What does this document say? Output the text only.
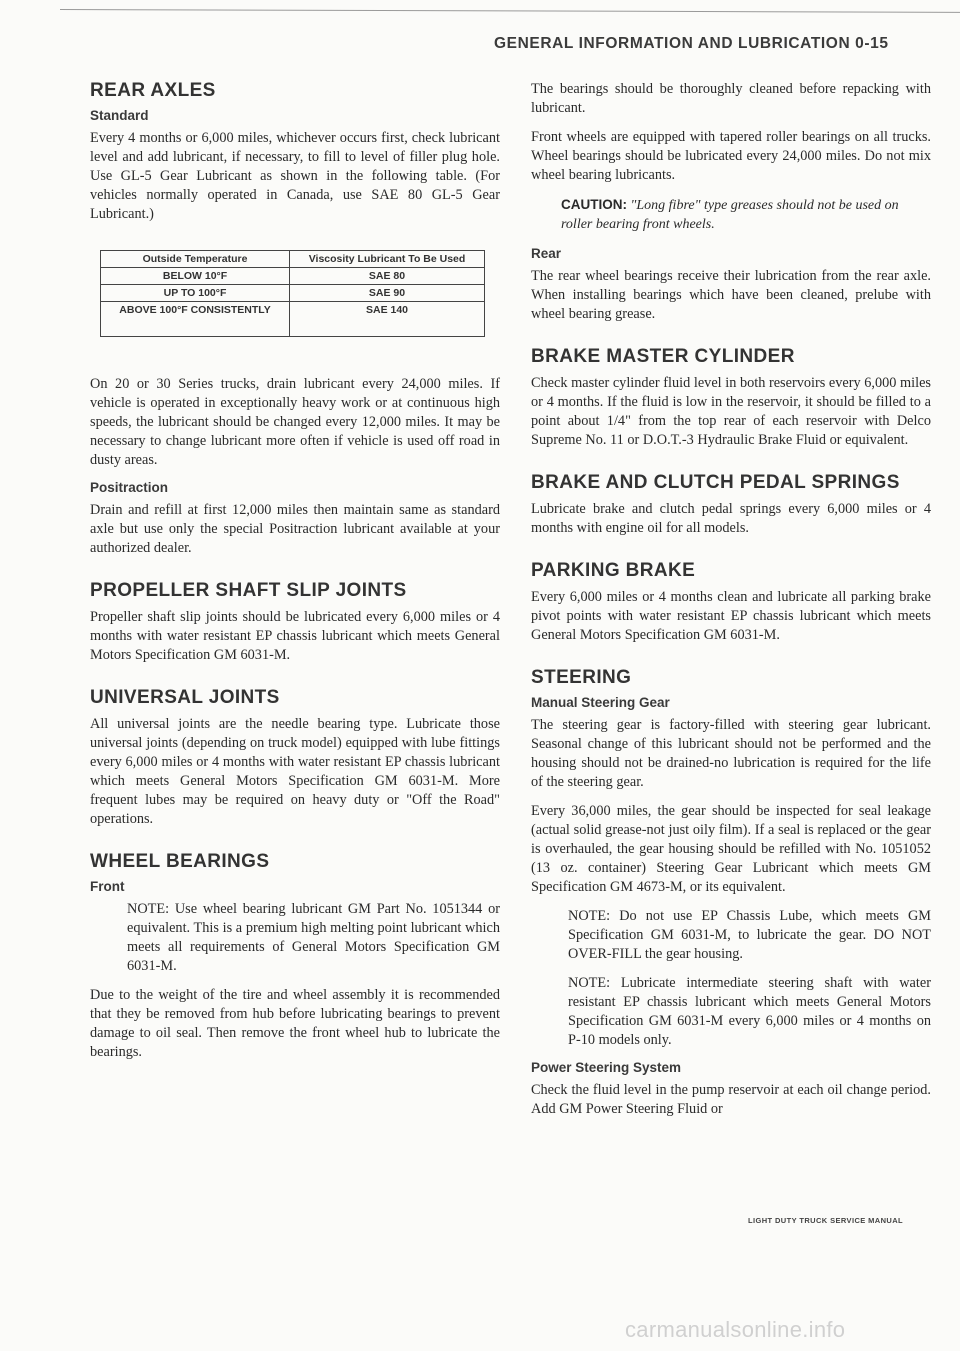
GENERAL INFORMATION AND LUBRICATION 0-15
REAR AXLES
Standard

Every 4 months or 6,000 miles, whichever occurs first, check lubricant level and add lubricant, if necessary, to fill to level of filler plug hole. Use GL-5 Gear Lubricant as shown in the following table. (For vehicles normally operated in Canada, use SAE 80 GL-5 Gear Lubricant.)

Outside Temperature	Viscosity Lubricant To Be Used
BELOW 10°F	SAE 80
UP TO 100°F	SAE 90
ABOVE 100°F CONSISTENTLY	SAE 140

On 20 or 30 Series trucks, drain lubricant every 24,000 miles. If vehicle is operated in exceptionally heavy work or at continuous high speeds, the lubricant should be changed every 12,000 miles. It may be necessary to change lubricant more often if vehicle is used off road in dusty areas.

Positraction

Drain and refill at first 12,000 miles then maintain same as standard axle but use only the special Positraction lubricant available at your authorized dealer.

PROPELLER SHAFT SLIP JOINTS

Propeller shaft slip joints should be lubricated every 6,000 miles or 4 months with water resistant EP chassis lubricant which meets General Motors Specification GM 6031-M.

UNIVERSAL JOINTS

All universal joints are the needle bearing type. Lubricate those universal joints (depending on truck model) equipped with lube fittings every 6,000 miles or 4 months with water resistant EP chassis lubricant which meets General Motors Specification GM 6031-M. More frequent lubes may be required on heavy duty or "Off the Road" operations.

WHEEL BEARINGS
Front

NOTE: Use wheel bearing lubricant GM Part No. 1051344 or equivalent. This is a premium high melting point lubricant which meets all requirements of General Motors Specification GM 6031-M.

Due to the weight of the tire and wheel assembly it is recommended that they be removed from hub before lubricating bearings to prevent damage to oil seal. Then remove the front wheel hub to lubricate the bearings.

The bearings should be thoroughly cleaned before repacking with lubricant.

Front wheels are equipped with tapered roller bearings on all trucks. Wheel bearings should be lubricated every 24,000 miles. Do not mix wheel bearing lubricants.

CAUTION: "Long fibre" type greases should not be used on roller bearing front wheels.
Rear

The rear wheel bearings receive their lubrication from the rear axle. When installing bearings which have been cleaned, prelube with wheel bearing grease.

BRAKE MASTER CYLINDER

Check master cylinder fluid level in both reservoirs every 6,000 miles or 4 months. If the fluid is low in the reservoir, it should be filled to a point about 1/4" from the top rear of each reservoir with Delco Supreme No. 11 or D.O.T.-3 Hydraulic Brake Fluid or equivalent.

BRAKE AND CLUTCH PEDAL SPRINGS

Lubricate brake and clutch pedal springs every 6,000 miles or 4 months with engine oil for all models.

PARKING BRAKE

Every 6,000 miles or 4 months clean and lubricate all parking brake pivot points with water resistant EP chassis lubricant which meets General Motors Specification GM 6031-M.

STEERING
Manual Steering Gear

The steering gear is factory-filled with steering gear lubricant. Seasonal change of this lubricant should not be performed and the housing should not be drained-no lubrication is required for the life of the steering gear.

Every 36,000 miles, the gear should be inspected for seal leakage (actual solid grease-not just oily film). If a seal is replaced or the gear is overhauled, the gear housing should be refilled with No. 1051052 (13 oz. container) Steering Gear Lubricant which meets GM Specification GM 4673-M, or its equivalent.

NOTE: Do not use EP Chassis Lube, which meets GM Specification GM 6031-M, to lubricate the gear. DO NOT OVER-FILL the gear housing.

NOTE: Lubricate intermediate steering shaft with water resistant EP chassis lubricant which meets General Motors Specification GM 6031-M every 6,000 miles or 4 months on P-10 models only.

Power Steering System

Check the fluid level in the pump reservoir at each oil change period. Add GM Power Steering Fluid or

LIGHT DUTY TRUCK SERVICE MANUAL
carmanualsonline.info
